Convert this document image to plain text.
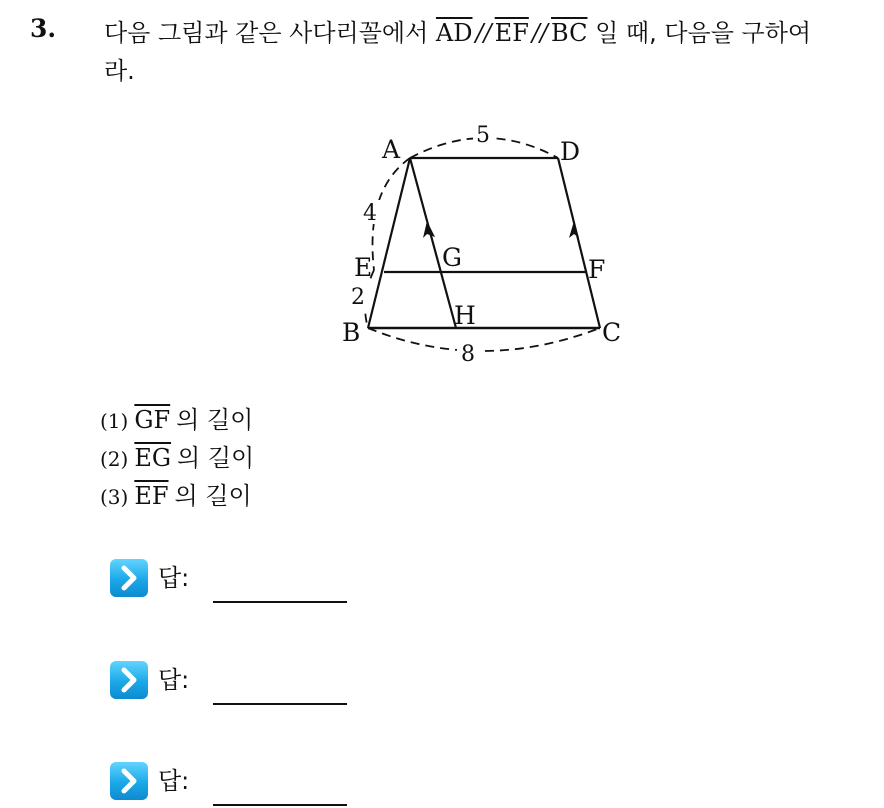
3. 다음 그림과 같은 사다리꼴에서 $\overline{AD} // \overline{EF} // \overline{BC}$ 일 때, 다음을 구하여
라.
A	D
E	G	F
B
H
C
5
4
2
8
(1) $\overline{GF}$ 의 길이
(2) $\overline{EG}$ 의 길이
(3) $\overline{EF}$ 의 길이
답:
답:
답:
